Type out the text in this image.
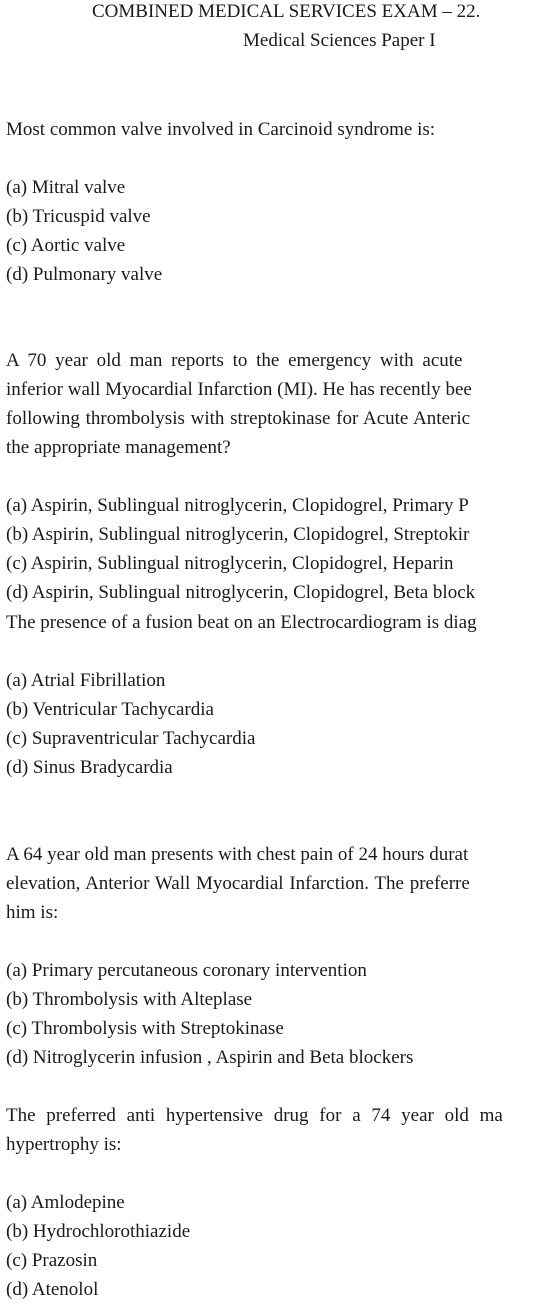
COMBINED MEDICAL SERVICES EXAM – 22.
Medical Sciences Paper I

Most common valve involved in Carcinoid syndrome is:

(a) Mitral valve
(b) Tricuspid valve
(c) Aortic valve
(d) Pulmonary valve

A 70 year old man reports to the emergency with acute
inferior wall Myocardial Infarction (MI). He has recently bee
following thrombolysis with streptokinase for Acute Anteric
the appropriate management?

(a) Aspirin, Sublingual nitroglycerin, Clopidogrel, Primary P
(b) Aspirin, Sublingual nitroglycerin, Clopidogrel, Streptokir
(c) Aspirin, Sublingual nitroglycerin, Clopidogrel, Heparin
(d) Aspirin, Sublingual nitroglycerin, Clopidogrel, Beta block

The presence of a fusion beat on an Electrocardiogram is diag

(a) Atrial Fibrillation
(b) Ventricular Tachycardia
(c) Supraventricular Tachycardia
(d) Sinus Bradycardia

A 64 year old man presents with chest pain of 24 hours durat
elevation, Anterior Wall Myocardial Infarction. The preferre
him is:

(a) Primary percutaneous coronary intervention
(b) Thrombolysis with Alteplase
(c) Thrombolysis with Streptokinase
(d) Nitroglycerin infusion , Aspirin and Beta blockers

The preferred anti hypertensive drug for a 74 year old ma
hypertrophy is:

(a) Amlodepine
(b) Hydrochlorothiazide
(c) Prazosin
(d) Atenolol
